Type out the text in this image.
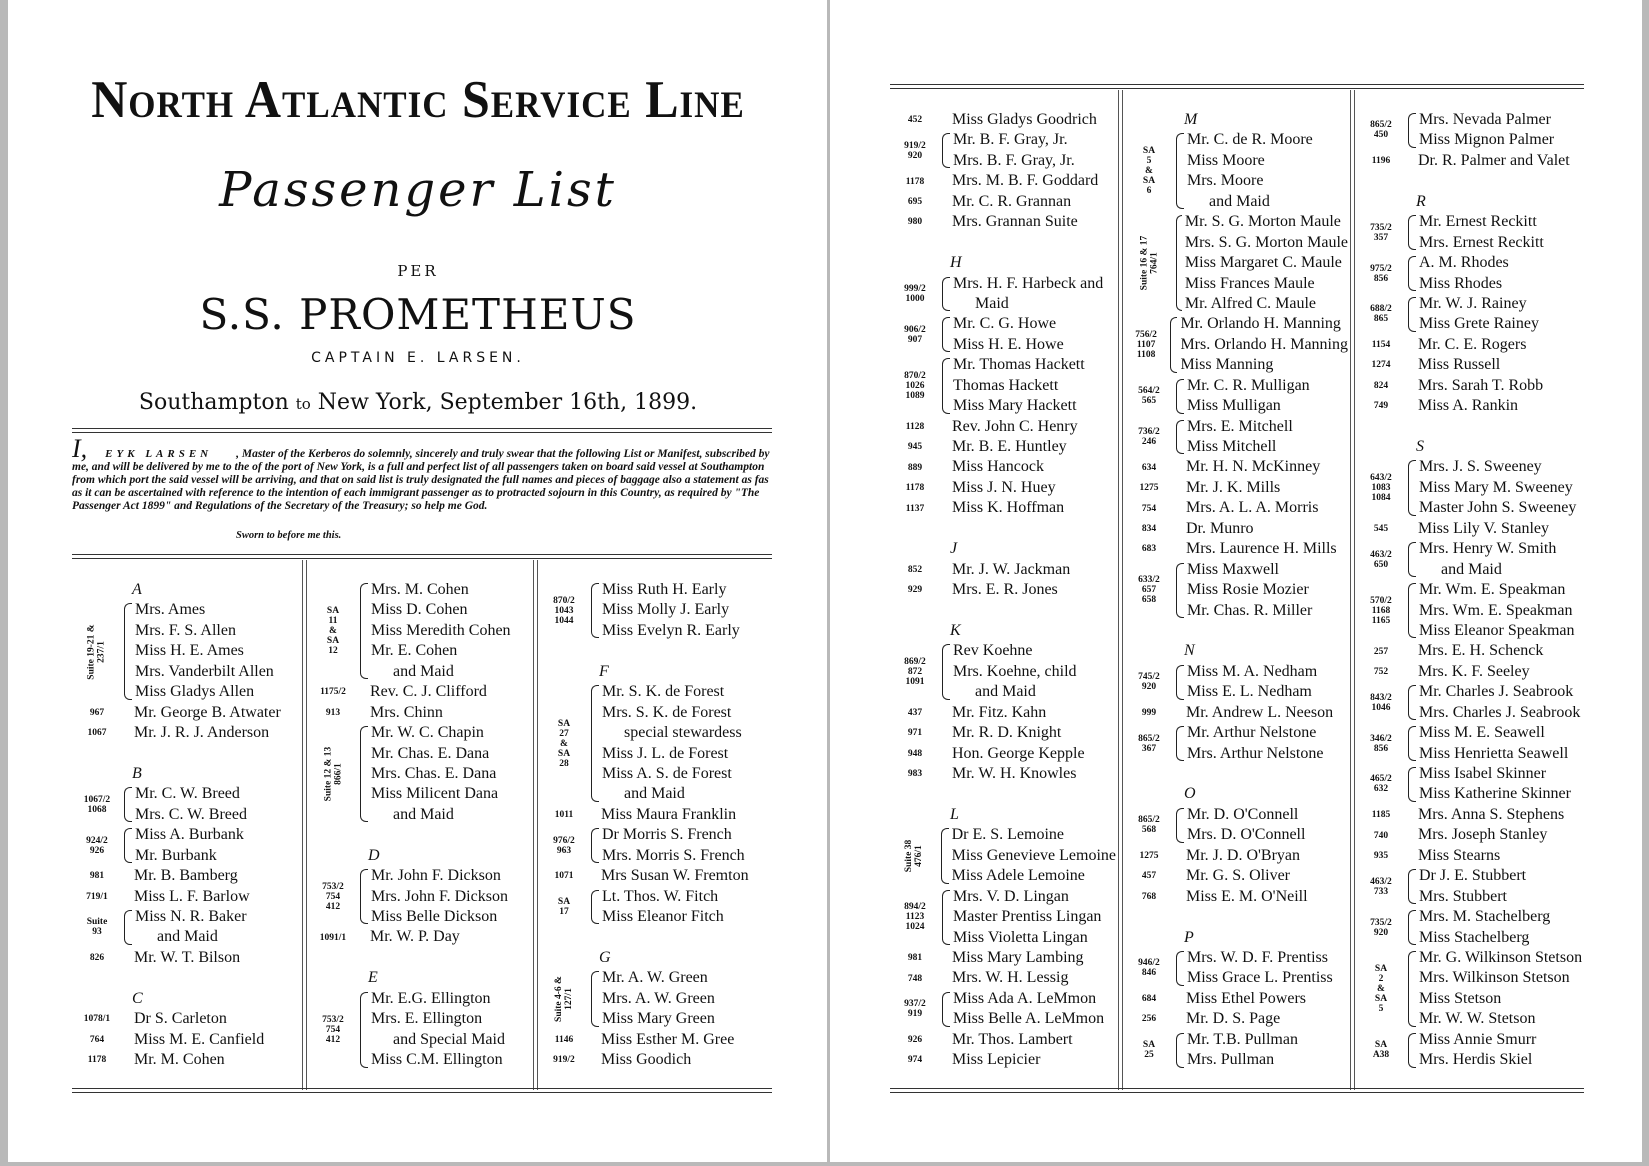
North Atlantic Service Line
Passenger List
PER
S.S. PROMETHEUS
CAPTAIN E. LARSEN.
Southampton to New York, September 16th, 1899.
I, EYK LARSEN , Master of the Kerberos do solemnly, sincerely and truly swear that the following List or Manifest, subscribed by me, and will be delivered by me to the of the port of New York, is a full and perfect list of all passengers taken on board said vessel at Southampton from which port the said vessel will be arriving, and that on said list is truly designated the full names and pieces of baggage also a statement as fas as it can be ascertained with reference to the intention of each immigrant passenger as to protracted sojourn in this Country, as required by "The Passenger Act 1899" and Regulations of the Secretary of the Treasury; so help me God.
Sworn to before me this.
A
Suite 19-21 &
237/1
Mrs. Ames
Mrs. F. S. Allen
Miss H. E. Ames
Mrs. Vanderbilt Allen
Miss Gladys Allen
967 Mr. George B. Atwater
1067 Mr. J. R. J. Anderson
B
1067/2
1068
Mr. C. W. Breed
Mrs. C. W. Breed
924/2
926
Miss A. Burbank
Mr. Burbank
981 Mr. B. Bamberg
719/1 Miss L. F. Barlow
Suite
93
Miss N. R. Baker
and Maid
826 Mr. W. T. Bilson
C
1078/1 Dr S. Carleton
764 Miss M. E. Canfield
1178 Mr. M. Cohen
SA
11
&
SA
12
Mrs. M. Cohen
Miss D. Cohen
Miss Meredith Cohen
Mr. E. Cohen
and Maid
1175/2 Rev. C. J. Clifford
913 Mrs. Chinn
Suite 12 & 13
866/1
Mr. W. C. Chapin
Mr. Chas. E. Dana
Mrs. Chas. E. Dana
Miss Milicent Dana
and Maid
D
753/2
754
412
Mr. John F. Dickson
Mrs. John F. Dickson
Miss Belle Dickson
1091/1 Mr. W. P. Day
E
753/2
754
412
Mr. E.G. Ellington
Mrs. E. Ellington
and Special Maid
Miss C.M. Ellington
870/2
1043
1044
Miss Ruth H. Early
Miss Molly J. Early
Miss Evelyn R. Early
F
SA
27
&
SA
28
Mr. S. K. de Forest
Mrs. S. K. de Forest
special stewardess
Miss J. L. de Forest
Miss A. S. de Forest
and Maid
1011 Miss Maura Franklin
976/2
963
Dr Morris S. French
Mrs. Morris S. French
1071 Mrs Susan W. Fremton
SA
17
Lt. Thos. W. Fitch
Miss Eleanor Fitch
G
Suite 4-6 &
127/1
Mr. A. W. Green
Mrs. A. W. Green
Miss Mary Green
1146 Miss Esther M. Gree
919/2 Miss Goodich
452 Miss Gladys Goodrich
919/2
920
Mr. B. F. Gray, Jr.
Mrs. B. F. Gray, Jr.
1178 Mrs. M. B. F. Goddard
695 Mr. C. R. Grannan
980 Mrs. Grannan Suite
H
999/2
1000
Mrs. H. F. Harbeck and
Maid
906/2
907
Mr. C. G. Howe
Miss H. E. Howe
870/2
1026
1089
Mr. Thomas Hackett
Thomas Hackett
Miss Mary Hackett
1128 Rev. John C. Henry
945 Mr. B. E. Huntley
889 Miss Hancock
1178 Miss J. N. Huey
1137 Miss K. Hoffman
J
852 Mr. J. W. Jackman
929 Mrs. E. R. Jones
K
869/2
872
1091
Rev Koehne
Mrs. Koehne, child
and Maid
437 Mr. Fitz. Kahn
971 Mr. R. D. Knight
948 Hon. George Kepple
983 Mr. W. H. Knowles
L
Suite 38
476/1
Dr E. S. Lemoine
Miss Genevieve Lemoine
Miss Adele Lemoine
894/2
1123
1024
Mrs. V. D. Lingan
Master Prentiss Lingan
Miss Violetta Lingan
981 Miss Mary Lambing
748 Mrs. W. H. Lessig
937/2
919
Miss Ada A. LeMmon
Miss Belle A. LeMmon
926 Mr. Thos. Lambert
974 Miss Lepicier
M
SA
5
&
SA
6
Mr. C. de R. Moore
Miss Moore
Mrs. Moore
and Maid
Suite 16 & 17
764/1
Mr. S. G. Morton Maule
Mrs. S. G. Morton Maule
Miss Margaret C. Maule
Miss Frances Maule
Mr. Alfred C. Maule
756/2
1107
1108
Mr. Orlando H. Manning
Mrs. Orlando H. Manning
Miss Manning
564/2
565
Mr. C. R. Mulligan
Miss Mulligan
736/2
246
Mrs. E. Mitchell
Miss Mitchell
634 Mr. H. N. McKinney
1275 Mr. J. K. Mills
754 Mrs. A. L. A. Morris
834 Dr. Munro
683 Mrs. Laurence H. Mills
633/2
657
658
Miss Maxwell
Miss Rosie Mozier
Mr. Chas. R. Miller
N
745/2
920
Miss M. A. Nedham
Miss E. L. Nedham
999 Mr. Andrew L. Neeson
865/2
367
Mr. Arthur Nelstone
Mrs. Arthur Nelstone
O
865/2
568
Mr. D. O'Connell
Mrs. D. O'Connell
1275 Mr. J. D. O'Bryan
457 Mr. G. S. Oliver
768 Miss E. M. O'Neill
P
946/2
846
Mrs. W. D. F. Prentiss
Miss Grace L. Prentiss
684 Miss Ethel Powers
256 Mr. D. S. Page
SA
25
Mr. T.B. Pullman
Mrs. Pullman
865/2
450
Mrs. Nevada Palmer
Miss Mignon Palmer
1196 Dr. R. Palmer and Valet
R
735/2
357
Mr. Ernest Reckitt
Mrs. Ernest Reckitt
975/2
856
A. M. Rhodes
Miss Rhodes
688/2
865
Mr. W. J. Rainey
Miss Grete Rainey
1154 Mr. C. E. Rogers
1274 Miss Russell
824 Mrs. Sarah T. Robb
749 Miss A. Rankin
S
643/2
1083
1084
Mrs. J. S. Sweeney
Miss Mary M. Sweeney
Master John S. Sweeney
545 Miss Lily V. Stanley
463/2
650
Mrs. Henry W. Smith
and Maid
570/2
1168
1165
Mr. Wm. E. Speakman
Mrs. Wm. E. Speakman
Miss Eleanor Speakman
257 Mrs. E. H. Schenck
752 Mrs. K. F. Seeley
843/2
1046
Mr. Charles J. Seabrook
Mrs. Charles J. Seabrook
346/2
856
Miss M. E. Seawell
Miss Henrietta Seawell
465/2
632
Miss Isabel Skinner
Miss Katherine Skinner
1185 Mrs. Anna S. Stephens
740 Mrs. Joseph Stanley
935 Miss Stearns
463/2
733
Dr J. E. Stubbert
Mrs. Stubbert
735/2
920
Mrs. M. Stachelberg
Miss Stachelberg
SA
2
&
SA
5
Mr. G. Wilkinson Stetson
Mrs. Wilkinson Stetson
Miss Stetson
Mr. W. W. Stetson
SA
A38
Miss Annie Smurr
Mrs. Herdis Skiel
